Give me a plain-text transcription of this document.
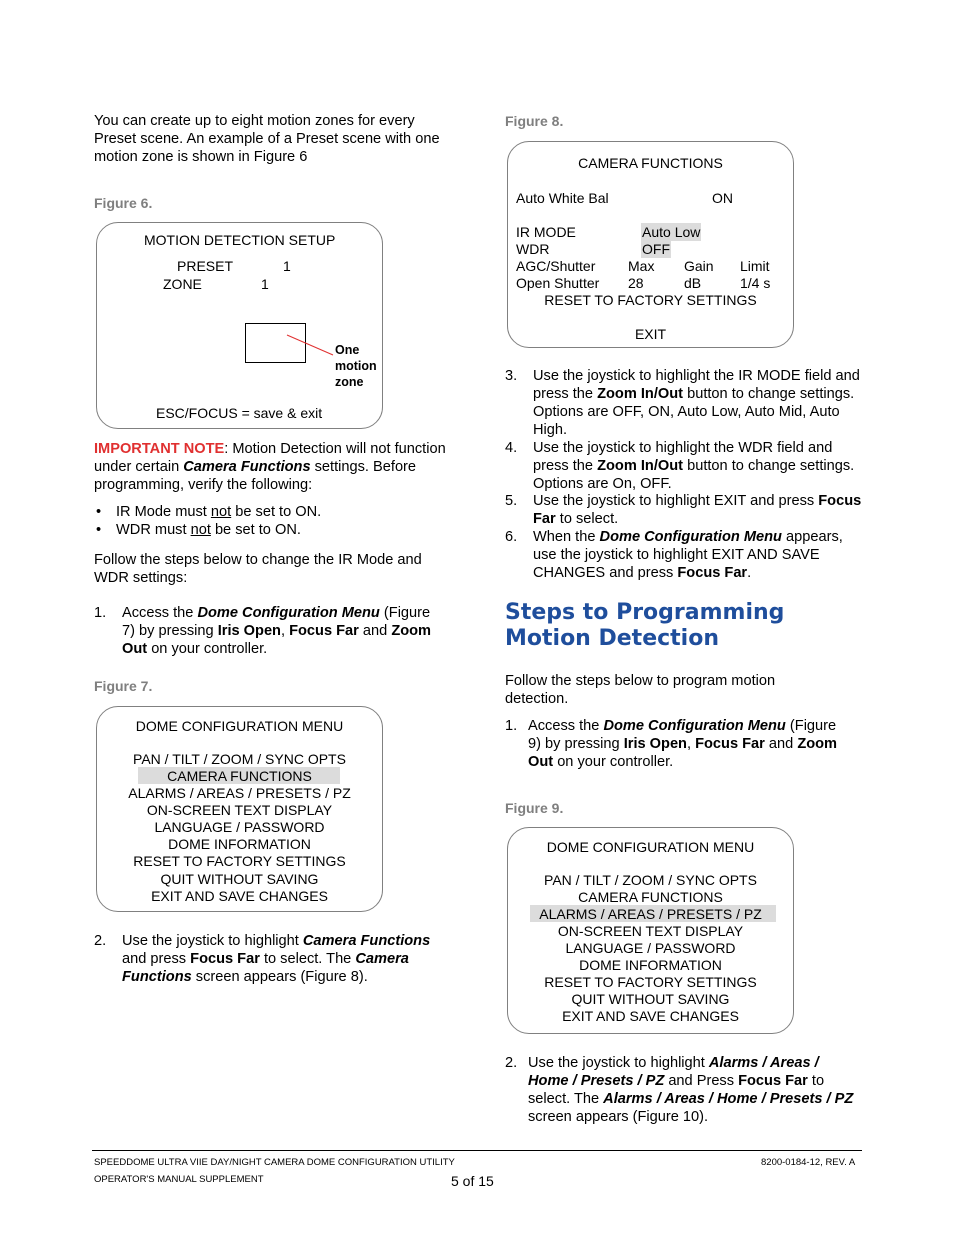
You can create up to eight motion zones for every Preset scene. An example of a Preset scene with one motion zone is shown in Figure 6

Figure 6.
MOTION DETECTION SETUP
PRESET	1
ZONE	1
One
motion
zone
ESC/FOCUS = save & exit

IMPORTANT NOTE: Motion Detection will not function under certain Camera Functions settings. Before programming, verify the following:

• IR Mode must not be set to ON.
• WDR must not be set to ON.

Follow the steps below to change the IR Mode and WDR settings:

1. Access the Dome Configuration Menu (Figure 7) by pressing Iris Open, Focus Far and Zoom Out on your controller.

Figure 7.
DOME CONFIGURATION MENU
PAN / TILT / ZOOM / SYNC OPTS
CAMERA FUNCTIONS
ALARMS / AREAS / PRESETS / PZ
ON-SCREEN TEXT DISPLAY
LANGUAGE / PASSWORD
DOME INFORMATION
RESET TO FACTORY SETTINGS
QUIT WITHOUT SAVING
EXIT AND SAVE CHANGES
2. Use the joystick to highlight Camera Functions and press Focus Far to select. The Camera Functions screen appears (Figure 8).

Figure 8.
CAMERA FUNCTIONS
Auto White Bal	ON
IR MODE	Auto Low
WDR	OFF
AGC/Shutter Max Gain Limit
Open Shutter 28	dB	1/4 s
RESET TO FACTORY SETTINGS
EXIT
3. Use the joystick to highlight the IR MODE field and press the Zoom In/Out button to change settings. Options are OFF, ON, Auto Low, Auto Mid, Auto High.

4. Use the joystick to highlight the WDR field and press the Zoom In/Out button to change settings. Options are On, OFF.

5. Use the joystick to highlight EXIT and press Focus Far to select.

6. When the Dome Configuration Menu appears, use the joystick to highlight EXIT AND SAVE CHANGES and press Focus Far.

Steps to Programming Motion Detection

Follow the steps below to program motion detection.

1. Access the Dome Configuration Menu (Figure 9) by pressing Iris Open, Focus Far and Zoom Out on your controller.

Figure 9.
DOME CONFIGURATION MENU
PAN / TILT / ZOOM / SYNC OPTS
CAMERA FUNCTIONS
ALARMS / AREAS / PRESETS / PZ
ON-SCREEN TEXT DISPLAY
LANGUAGE / PASSWORD
DOME INFORMATION
RESET TO FACTORY SETTINGS
QUIT WITHOUT SAVING
EXIT AND SAVE CHANGES
2. Use the joystick to highlight Alarms / Areas / Home / Presets / PZ and Press Focus Far to select. The Alarms / Areas / Home / Presets / PZ screen appears (Figure 10).

SPEEDDOME ULTRA VIIE DAY/NIGHT CAMERA DOME CONFIGURATION UTILITY
OPERATOR'S MANUAL SUPPLEMENT	5 of 15
8200-0184-12, REV. A
